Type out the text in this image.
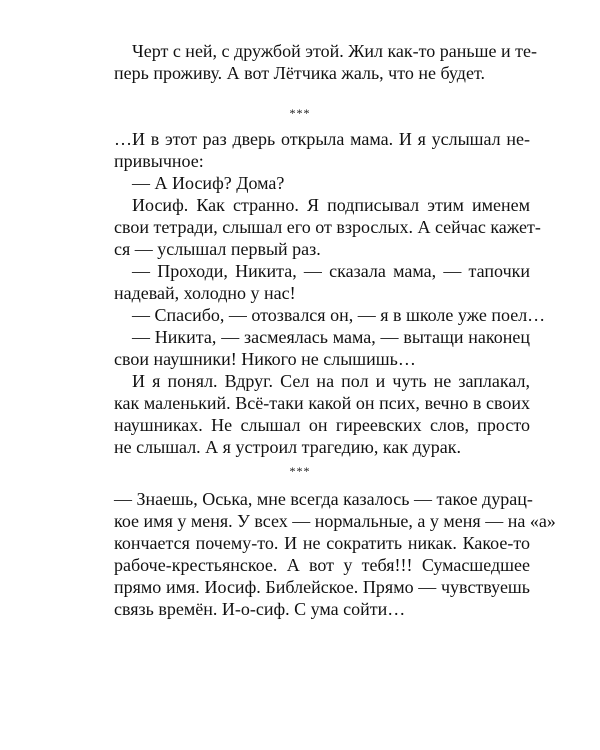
Черт с ней, с дружбой этой. Жил как-то раньше и те-
перь проживу. А вот Лётчика жаль, что не будет.
***
…И в этот раз дверь открыла мама. И я услышал не-
привычное:
— А Иосиф? Дома?
Иосиф. Как странно. Я подписывал этим именем
свои тетради, слышал его от взрослых. А сейчас кажет-
ся — услышал первый раз.
— Проходи, Никита, — сказала мама, — тапочки
надевай, холодно у нас!
— Спасибо, — отозвался он, — я в школе уже поел…
— Никита, — засмеялась мама, — вытащи наконец
свои наушники! Никого не слышишь…
И я понял. Вдруг. Сел на пол и чуть не заплакал,
как маленький. Всё-таки какой он псих, вечно в своих
наушниках. Не слышал он гиреевских слов, просто
не слышал. А я устроил трагедию, как дурак.
***
— Знаешь, Оська, мне всегда казалось — такое дурац-
кое имя у меня. У всех — нормальные, а у меня — на «а»
кончается почему-то. И не сократить никак. Какое-то
рабоче-крестьянское. А вот у тебя!!! Сумасшедшее
прямо имя. Иосиф. Библейское. Прямо — чувствуешь
связь времён. И-о-сиф. С ума сойти…
